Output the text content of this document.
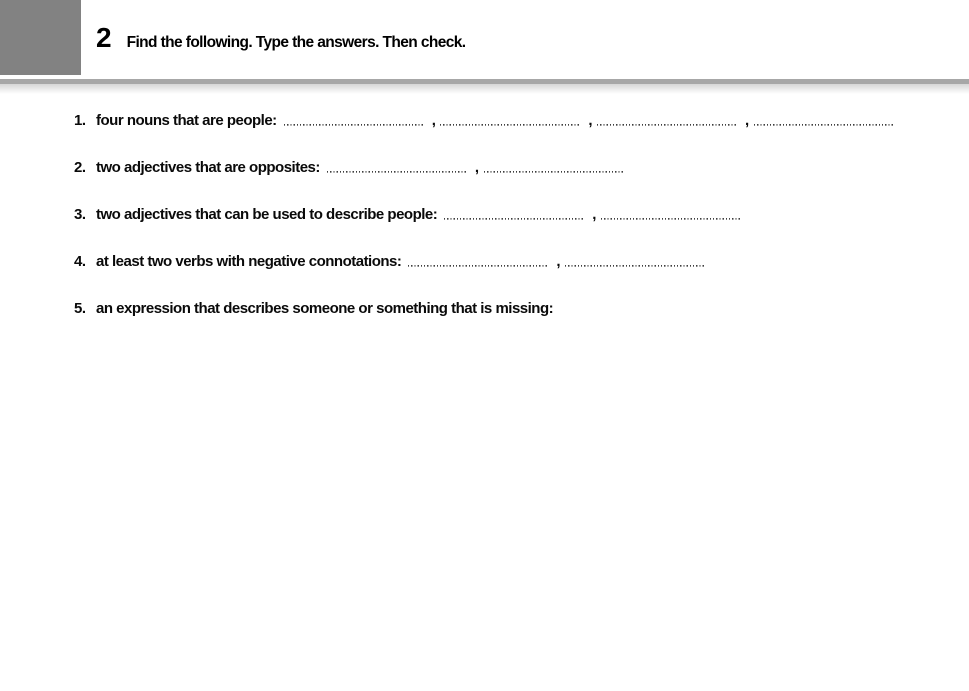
2 Find the following. Type the answers. Then check.
1. four nouns that are people:	,	,	,
2. two adjectives that are opposites:	,
3. two adjectives that can be used to describe people:	,
4. at least two verbs with negative connotations:	,
5. an expression that describes someone or something that is missing:
